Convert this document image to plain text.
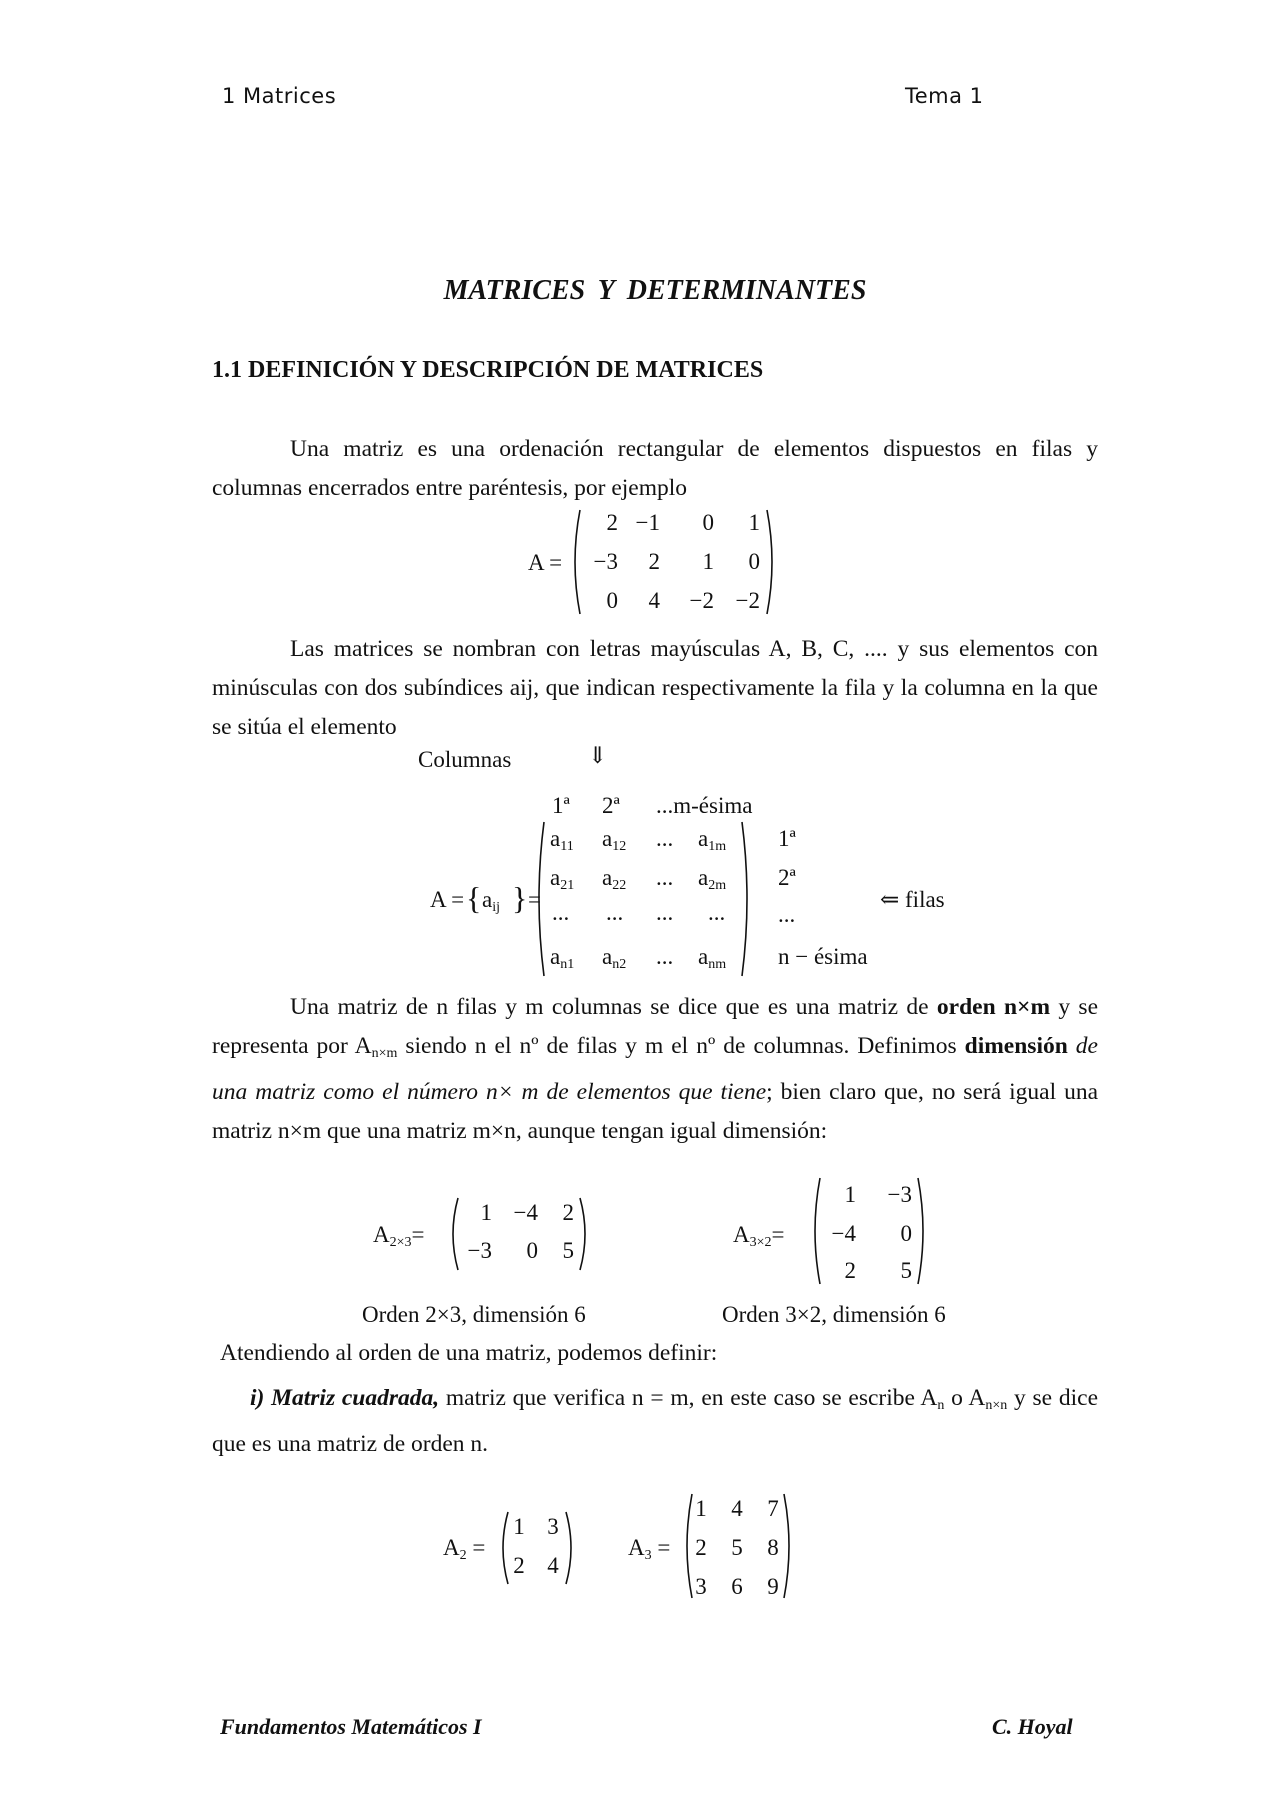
1 Matrices	Tema 1
MATRICES Y DETERMINANTES
1.1 DEFINICIÓN Y DESCRIPCIÓN DE MATRICES
Una matriz es una ordenación rectangular de elementos dispuestos en filas y columnas encerrados entre paréntesis, por ejemplo
A =
2 −1	0	1
−3	2	1	0
0	4	−2 −2
Las matrices se nombran con letras mayúsculas A, B, C, .... y sus elementos con minúsculas con dos subíndices aij, que indican respectivamente la fila y la columna en la que se sitúa el elemento
Columnas	⇓
1ª 2ª ...m-ésima
A = { $a_{ij}$ } =
$a_{11}$ $a_{12}$ ... $a_{1m}$
$a_{21}$ $a_{22}$ ... $a_{2m}$
... ... ... ...
$a_{n1}$ $a_{n2}$ ... $a_{nm}$
1ª
2ª
...
n − ésima
⇐ filas
Una matriz de n filas y m columnas se dice que es una matriz de orden n×m y se representa por $A_{n\times m}$ siendo n el nº de filas y m el nº de columnas. Definimos dimensión de una matriz como el número n× m de elementos que tiene; bien claro que, no será igual una matriz n×m que una matriz m×n, aunque tengan igual dimensión:
$A_{2\times 3}=$
1 −4	2
−3	0	5
Orden 2×3, dimensión 6
$A_{3\times 2}=$
1	−3
−4	0
2	5
Orden 3×2, dimensión 6
Atendiendo al orden de una matriz, podemos definir:
i) Matriz cuadrada, matriz que verifica n = m, en este caso se escribe $A_n$ o $A_{n\times n}$ y se dice que es una matriz de orden n.
$A_2$ =
1 3
2 4
$A_3$ =
1	4	7
2	5	8
3	6	9
Fundamentos Matemáticos I	C. Hoyal
